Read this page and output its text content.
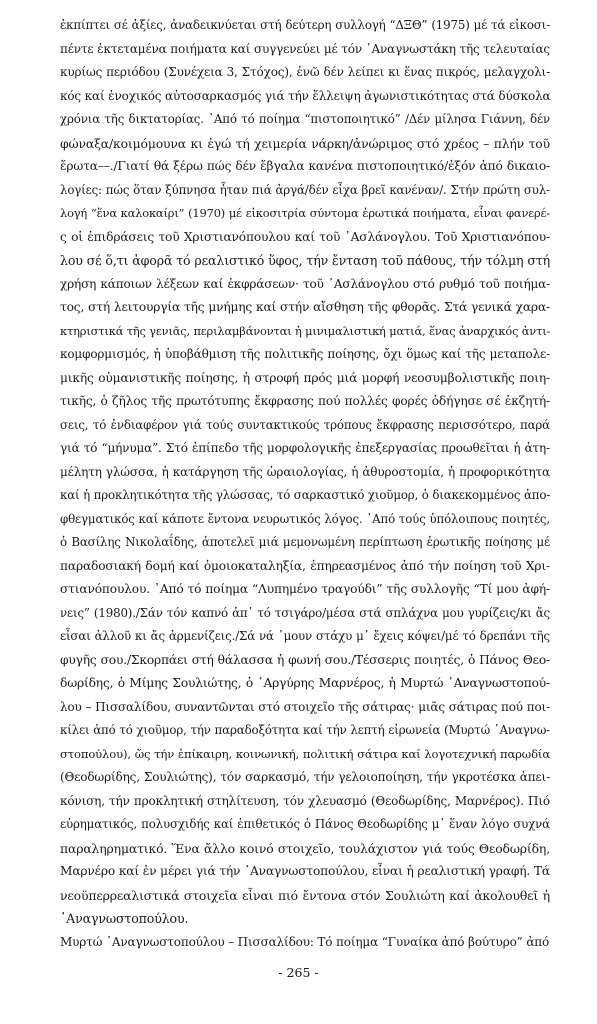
ἐκπίπτει σέ ἀξίες, ἀναδεικνύεται στή δεύτερη συλλογή “ΔΞΘ” (1975) μέ τά εἰκοσι-
πέντε ἐκτεταμένα ποιήματα καί συγγενεύει μέ τόν ᾿Αναγνωστάκη τῆς τελευταίας
κυρίως περιόδου (Συνέχεια 3, Στόχος), ἐνῶ δέν λείπει κι ἕνας πικρός, μελαγχολι-
κός καί ἐνοχικός αὐτοσαρκασμός γιά τήν ἔλλειψη ἀγωνιστικότητας στά δύσκολα
χρόνια τῆς δικτατορίας. ᾿Από τό ποίημα “πιστοποιητικό” /Δέν μίλησα Γιάννη, δέν
φώναξα/κοιμόμουνα κι ἐγώ τή χειμερία νάρκη/ἀνώριμος στό χρέος – πλήν τοῦ
ἔρωτα––./Γιατί θά ξέρω πώς δέν ἔβγαλα κανένα πιστοποιητικό/ἐξόν ἀπό δικαιο-
λογίες: πώς ὅταν ξύπνησα ἦταν πιά ἀργά/δέν εἶχα βρεῖ κανέναν/. Στήν πρώτη συλ-
λογή “ἕνα καλοκαίρι” (1970) μέ εἰκοσιτρία σύντομα ἐρωτικά ποιήματα, εἶναι φανερέ-
ς οἱ ἐπιδράσεις τοῦ Χριστιανόπουλου καί τοῦ ᾿Ασλάνογλου. Τοῦ Χριστιανόπου-
λου σέ ὅ,τι ἀφορᾶ τό ρεαλιστικό ὕφος, τήν ἔνταση τοῦ πάθους, τήν τόλμη στή
χρήση κάποιων λέξεων καί ἐκφράσεων· τοῦ ᾿Ασλάνογλου στό ρυθμό τοῦ ποιήμα-
τος, στή λειτουργία τῆς μνήμης καί στήν αἴσθηση τῆς φθορᾶς. Στά γενικά χαρα-
κτηριστικά τῆς γενιᾶς, περιλαμβάνονται ἡ μινιμαλιστική ματιά, ἕνας ἀναρχικός ἀντι-
κομφορμισμός, ἡ ὑποβάθμιση τῆς πολιτικῆς ποίησης, ὄχι ὅμως καί τῆς μεταπολε-
μικῆς οὑμανιστικῆς ποίησης, ἡ στροφή πρός μιά μορφή νεοσυμβολιστικῆς ποιη-
τικῆς, ὁ ζῆλος τῆς πρωτότυπης ἔκφρασης πού πολλές φορές ὁδήγησε σέ ἐκζητή-
σεις, τό ἐνδιαφέρον γιά τούς συντακτικούς τρόπους ἔκφρασης περισσότερο, παρά
γιά τό “μήνυμα”. Στό ἐπίπεδο τῆς μορφολογικῆς ἐπεξεργασίας προωθεῖται ἡ ἀτη-
μέλητη γλώσσα, ἡ κατάργηση τῆς ὡραιολογίας, ἡ ἀθυροστομία, ἡ προφορικότητα
καί ἡ προκλητικότητα τῆς γλώσσας, τό σαρκαστικό χιοῦμορ, ὁ διακεκομμένος ἀπο-
φθεγματικός καί κάποτε ἔντονα νευρωτικός λόγος. ᾿Από τούς ὑπόλοιπους ποιητές,
ὁ Βασίλης Νικολαΐδης, ἀποτελεῖ μιά μεμονωμένη περίπτωση ἐρωτικῆς ποίησης μέ
παραδοσιακή δομή καί ὁμοιοκαταληξία, ἐπηρεασμένος ἀπό τήν ποίηση τοῦ Χρι-
στιανόπουλου. ᾿Από τό ποίημα “Λυπημένο τραγούδι” τῆς συλλογῆς “Τί μου ἀφή-
νεις” (1980)./Σάν τόν καπνό ἀπ᾿ τό τσιγάρο/μέσα στά σπλάχνα μου γυρίζεις/κι ἄς
εἶσαι ἀλλοῦ κι ἄς ἀρμενίζεις./Σά νά ᾿μουν στάχυ μ᾿ ἔχεις κόψει/μέ τό δρεπάνι τῆς
φυγῆς σου./Σκορπάει στή θάλασσα ἡ φωνή σου./Τέσσερις ποιητές, ὁ Πάνος Θεο-
δωρίδης, ὁ Μίμης Σουλιώτης, ὁ ᾿Αργύρης Μαρνέρος, ἡ Μυρτώ ᾿Αναγνωστοπού-
λου – Πισσαλίδου, συναντῶνται στό στοιχεῖο τῆς σάτιρας· μιᾶς σάτιρας πού ποι-
κίλει ἀπό τό χιοῦμορ, τήν παραδοξότητα καί τήν λεπτή εἰρωνεία (Μυρτώ ᾿Αναγνω-
στοπούλου), ὥς τήν ἐπίκαιρη, κοινωνική, πολιτική σάτιρα καί λογοτεχνική παρωδία
(Θεοδωρίδης, Σουλιώτης), τόν σαρκασμό, τήν γελοιοποίηση, τήν γκροτέσκα ἀπει-
κόνιση, τήν προκλητική στηλίτευση, τόν χλευασμό (Θεοδωρίδης, Μαρνέρος). Πιό
εὐρηματικός, πολυσχιδής καί ἐπιθετικός ὁ Πάνος Θεοδωρίδης μ᾿ ἕναν λόγο συχνά
παραληρηματικό. Ἕνα ἄλλο κοινό στοιχεῖο, τουλάχιστον γιά τούς Θεοδωρίδη,
Μαρνέρο καί ἐν μέρει γιά τήν ᾿Αναγνωστοπούλου, εἶναι ἡ ρεαλιστική γραφή. Τά
νεοϋπερρεαλιστικά στοιχεῖα εἶναι πιό ἔντονα στόν Σουλιώτη καί ἀκολουθεῖ ἡ
᾿Αναγνωστοπούλου.
Μυρτώ ᾿Αναγνωστοπούλου – Πισσαλίδου: Τό ποίημα “Γυναίκα ἀπό βούτυρο” ἀπό
- 265 -
